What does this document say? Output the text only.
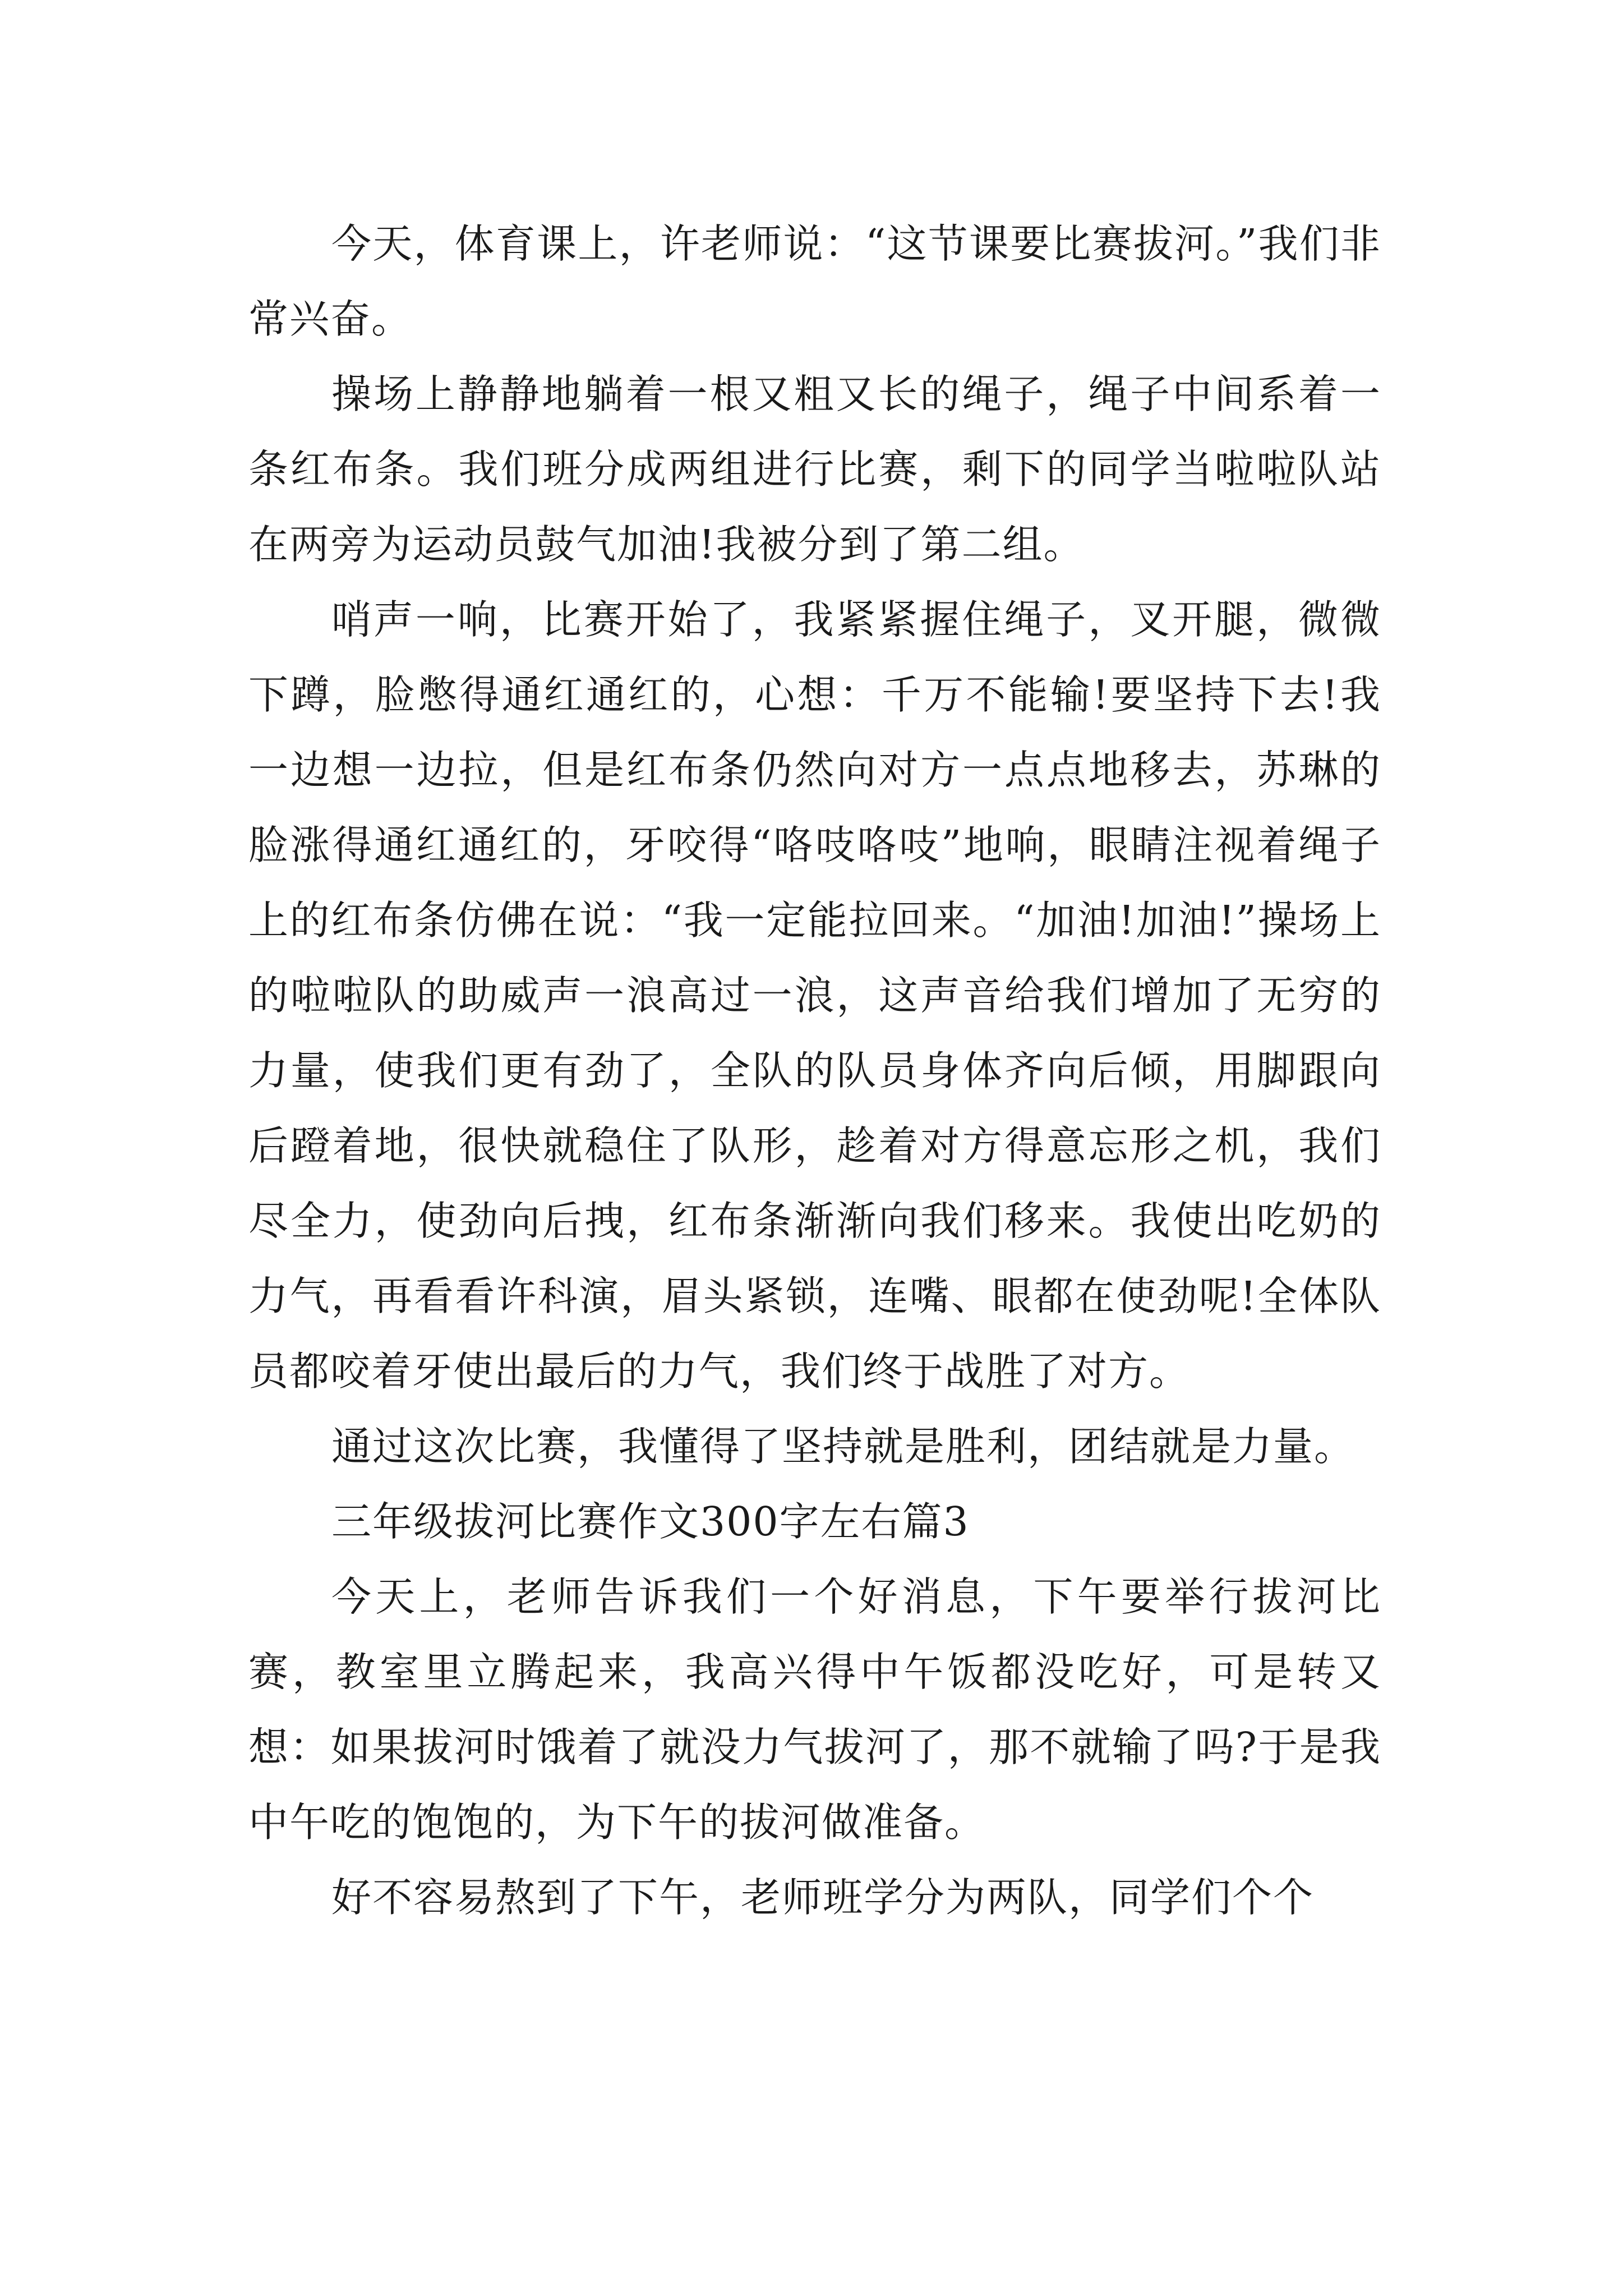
今天，体育课上，许老师说：“这节课要比赛拔河。”我们非常兴奋。

操场上静静地躺着一根又粗又长的绳子，绳子中间系着一条红布条。我们班分成两组进行比赛，剩下的同学当啦啦队站在两旁为运动员鼓气加油!我被分到了第二组。

哨声一响，比赛开始了，我紧紧握住绳子，叉开腿，微微下蹲，脸憋得通红通红的，心想：千万不能输!要坚持下去!我一边想一边拉，但是红布条仍然向对方一点点地移去，苏琳的脸涨得通红通红的，牙咬得“咯吱咯吱”地响，眼睛注视着绳子上的红布条仿佛在说：“我一定能拉回来。“加油!加油!”操场上的啦啦队的助威声一浪高过一浪，这声音给我们增加了无穷的力量，使我们更有劲了，全队的队员身体齐向后倾，用脚跟向后蹬着地，很快就稳住了队形，趁着对方得意忘形之机，我们尽全力，使劲向后拽，红布条渐渐向我们移来。我使出吃奶的力气，再看看许科演，眉头紧锁，连嘴、眼都在使劲呢!全体队员都咬着牙使出最后的力气，我们终于战胜了对方。

通过这次比赛，我懂得了坚持就是胜利，团结就是力量。

三年级拔河比赛作文300字左右篇3

今天上，老师告诉我们一个好消息，下午要举行拔河比赛，教室里立腾起来，我高兴得中午饭都没吃好，可是转又想：如果拔河时饿着了就没力气拔河了，那不就输了吗?于是我中午吃的饱饱的，为下午的拔河做准备。

好不容易熬到了下午，老师班学分为两队，同学们个个
